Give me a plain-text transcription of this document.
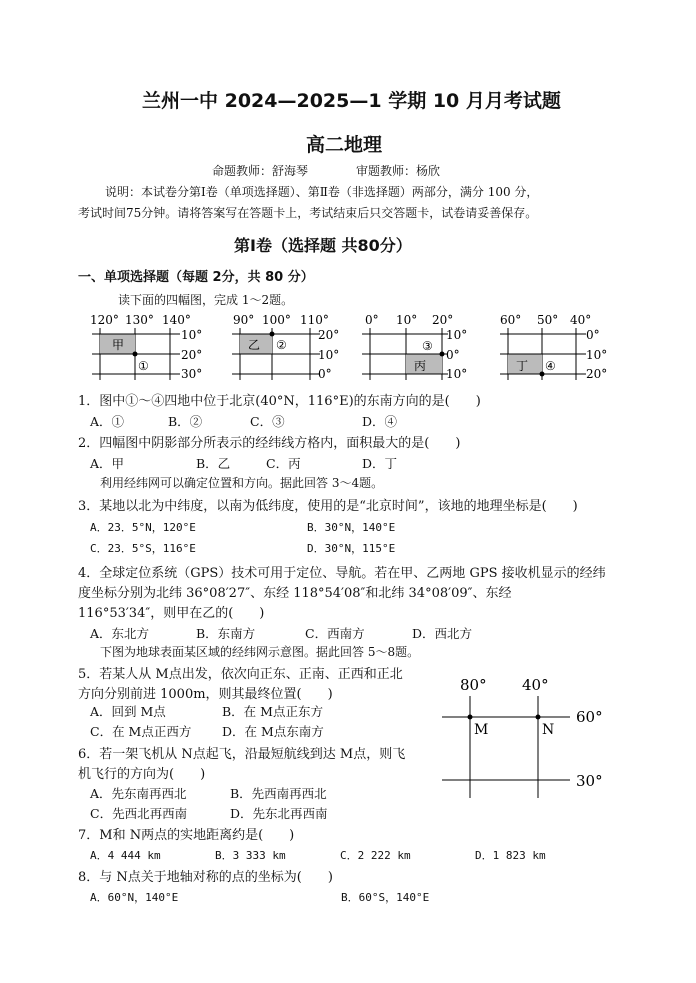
兰州一中 2024—2025—1 学期 10 月月考试题
高二地理
命题教师：舒海琴　　　　审题教师：杨欣
说明：本试卷分第Ⅰ卷（单项选择题）、第Ⅱ卷（非选择题）两部分，满分 100 分，
考试时间75分钟。请将答案写在答题卡上，考试结束后只交答题卡，试卷请妥善保存。
第Ⅰ卷（选择题 共80分）
一、单项选择题（每题 2分，共 80 分）
读下面的四幅图，完成 1～2题。
120° 130° 140°
甲
①
10°
20°
30°
90° 100° 110°
乙 ②
20°
10°
0°
0° 10° 20°
丙
③
10°
0°
10°
60° 50° 40°
丁 ④
0°
10°
20°
1．图中①～④四地中位于北京(40°N，116°E)的东南方向的是(　　)
A．①	B．②	C．③	D．④
2．四幅图中阴影部分所表示的经纬线方格内，面积最大的是(　　)
A．甲	B．乙	C．丙	D．丁
利用经纬网可以确定位置和方向。据此回答 3～4题。
3．某地以北为中纬度，以南为低纬度，使用的是“北京时间”，该地的地理坐标是(　　)
A．23．5°N，120°E	B．30°N，140°E
C．23．5°S，116°E	D．30°N，115°E
4．全球定位系统（GPS）技术可用于定位、导航。若在甲、乙两地 GPS 接收机显示的经纬
度坐标分别为北纬 36°08′27″、东经 118°54′08″和北纬 34°08′09″、东经
116°53′34″，则甲在乙的(　　)
A．东北方	B．东南方	C．西南方	D．西北方
下图为地球表面某区域的经纬网示意图。据此回答 5～8题。
5．若某人从 M点出发，依次向正东、正南、正西和正北
方向分别前进 1000m，则其最终位置(　　)
A．回到 M点	B．在 M点正东方
C．在 M点正西方 D．在 M点东南方
6．若一架飞机从 N点起飞，沿最短航线到达 M点，则飞
机飞行的方向为(　　)
A．先东南再西北	B．先西南再西北
C．先西北再西南	D．先东北再西南
80° 40°
M	N
60°
30°
7．M和 N两点的实地距离约是(　　)
A．4 444 km	B．3 333 km	C．2 222 km	D．1 823 km
8．与 N点关于地轴对称的点的坐标为(　　)
A．60°N，140°E	B．60°S，140°E
